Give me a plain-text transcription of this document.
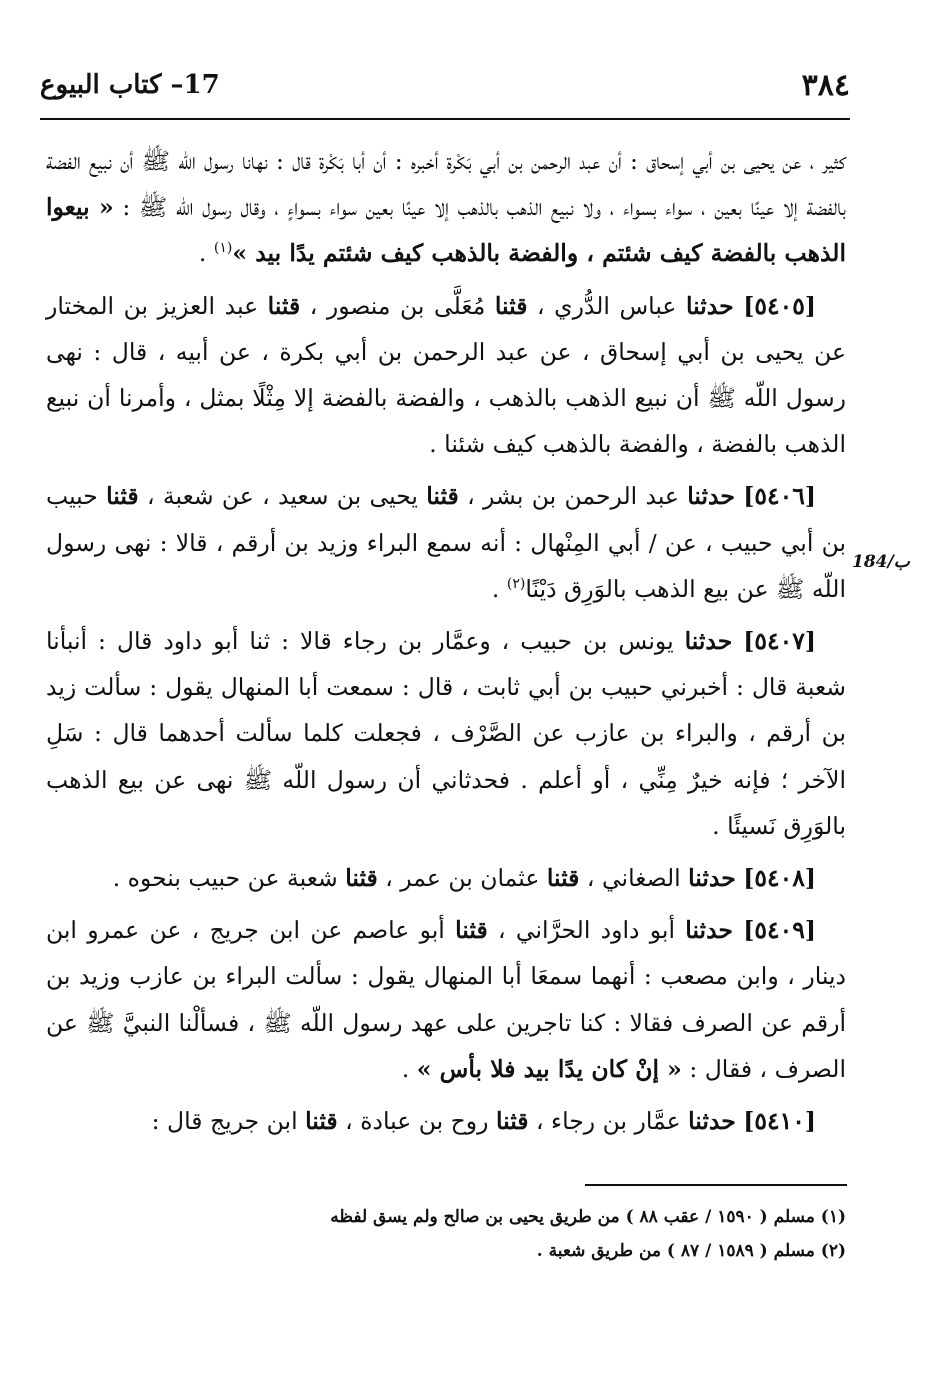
٣٨٤
17– كتاب البيوع
184/ب

كثير ، عن يحيى بن أبي إسحاق : أن عبد الرحمن بن أبي بَكْرة أخبره : أن أبا بَكْرة قال : نهانا رسول اللّه ﷺ أن نبيع الفضة بالفضة إلا عينًا بعين ، سواء بسواء ، ولا نبيع الذهب بالذهب إلا عينًا بعين سواء بسواءٍ ، وقال رسول اللّه ﷺ : « بيعوا الذهب بالفضة كيف شئتم ، والفضة بالذهب كيف شئتم يدًا بيد »$^{(١)}$ .

[٥٤٠٥] حدثنا عباس الدُّري ، قثنا مُعَلَّى بن منصور ، قثنا عبد العزيز بن المختار عن يحيى بن أبي إسحاق ، عن عبد الرحمن بن أبي بكرة ، عن أبيه ، قال : نهى رسول اللّه ﷺ أن نبيع الذهب بالذهب ، والفضة بالفضة إلا مِثْلًا بمثل ، وأمرنا أن نبيع الذهب بالفضة ، والفضة بالذهب كيف شئنا .

[٥٤٠٦] حدثنا عبد الرحمن بن بشر ، قثنا يحيى بن سعيد ، عن شعبة ، قثنا حبيب بن أبي حبيب ، عن / أبي المِنْهال : أنه سمع البراء وزيد بن أرقم ، قالا : نهى رسول اللّه ﷺ عن بيع الذهب بالوَرِق دَيْنًا$^{(٢)}$ .

[٥٤٠٧] حدثنا يونس بن حبيب ، وعمَّار بن رجاء قالا : ثنا أبو داود قال : أنبأنا شعبة قال : أخبرني حبيب بن أبي ثابت ، قال : سمعت أبا المنهال يقول : سألت زيد بن أرقم ، والبراء بن عازب عن الصَّرْف ، فجعلت كلما سألت أحدهما قال : سَلِ الآخر ؛ فإنه خيرٌ مِنِّي ، أو أعلم . فحدثاني أن رسول اللّه ﷺ نهى عن بيع الذهب بالوَرِق نَسيئًا .

[٥٤٠٨] حدثنا الصغاني ، قثنا عثمان بن عمر ، قثنا شعبة عن حبيب بنحوه .

[٥٤٠٩] حدثنا أبو داود الحرَّاني ، قثنا أبو عاصم عن ابن جريج ، عن عمرو ابن دينار ، وابن مصعب : أنهما سمعَا أبا المنهال يقول : سألت البراء بن عازب وزيد بن أرقم عن الصرف فقالا : كنا تاجرين على عهد رسول اللّه ﷺ ، فسألْنا النبيَّ ﷺ عن الصرف ، فقال : « إنْ كان يدًا بيد فلا بأس » .

[٥٤١٠] حدثنا عمَّار بن رجاء ، قثنا روح بن عبادة ، قثنا ابن جريج قال :

(١) مسلم ( ١٥٩٠ / عقب ٨٨ ) من طريق يحيى بن صالح ولم يسق لفظه

(٢) مسلم ( ١٥٨٩ / ٨٧ ) من طريق شعبة .
